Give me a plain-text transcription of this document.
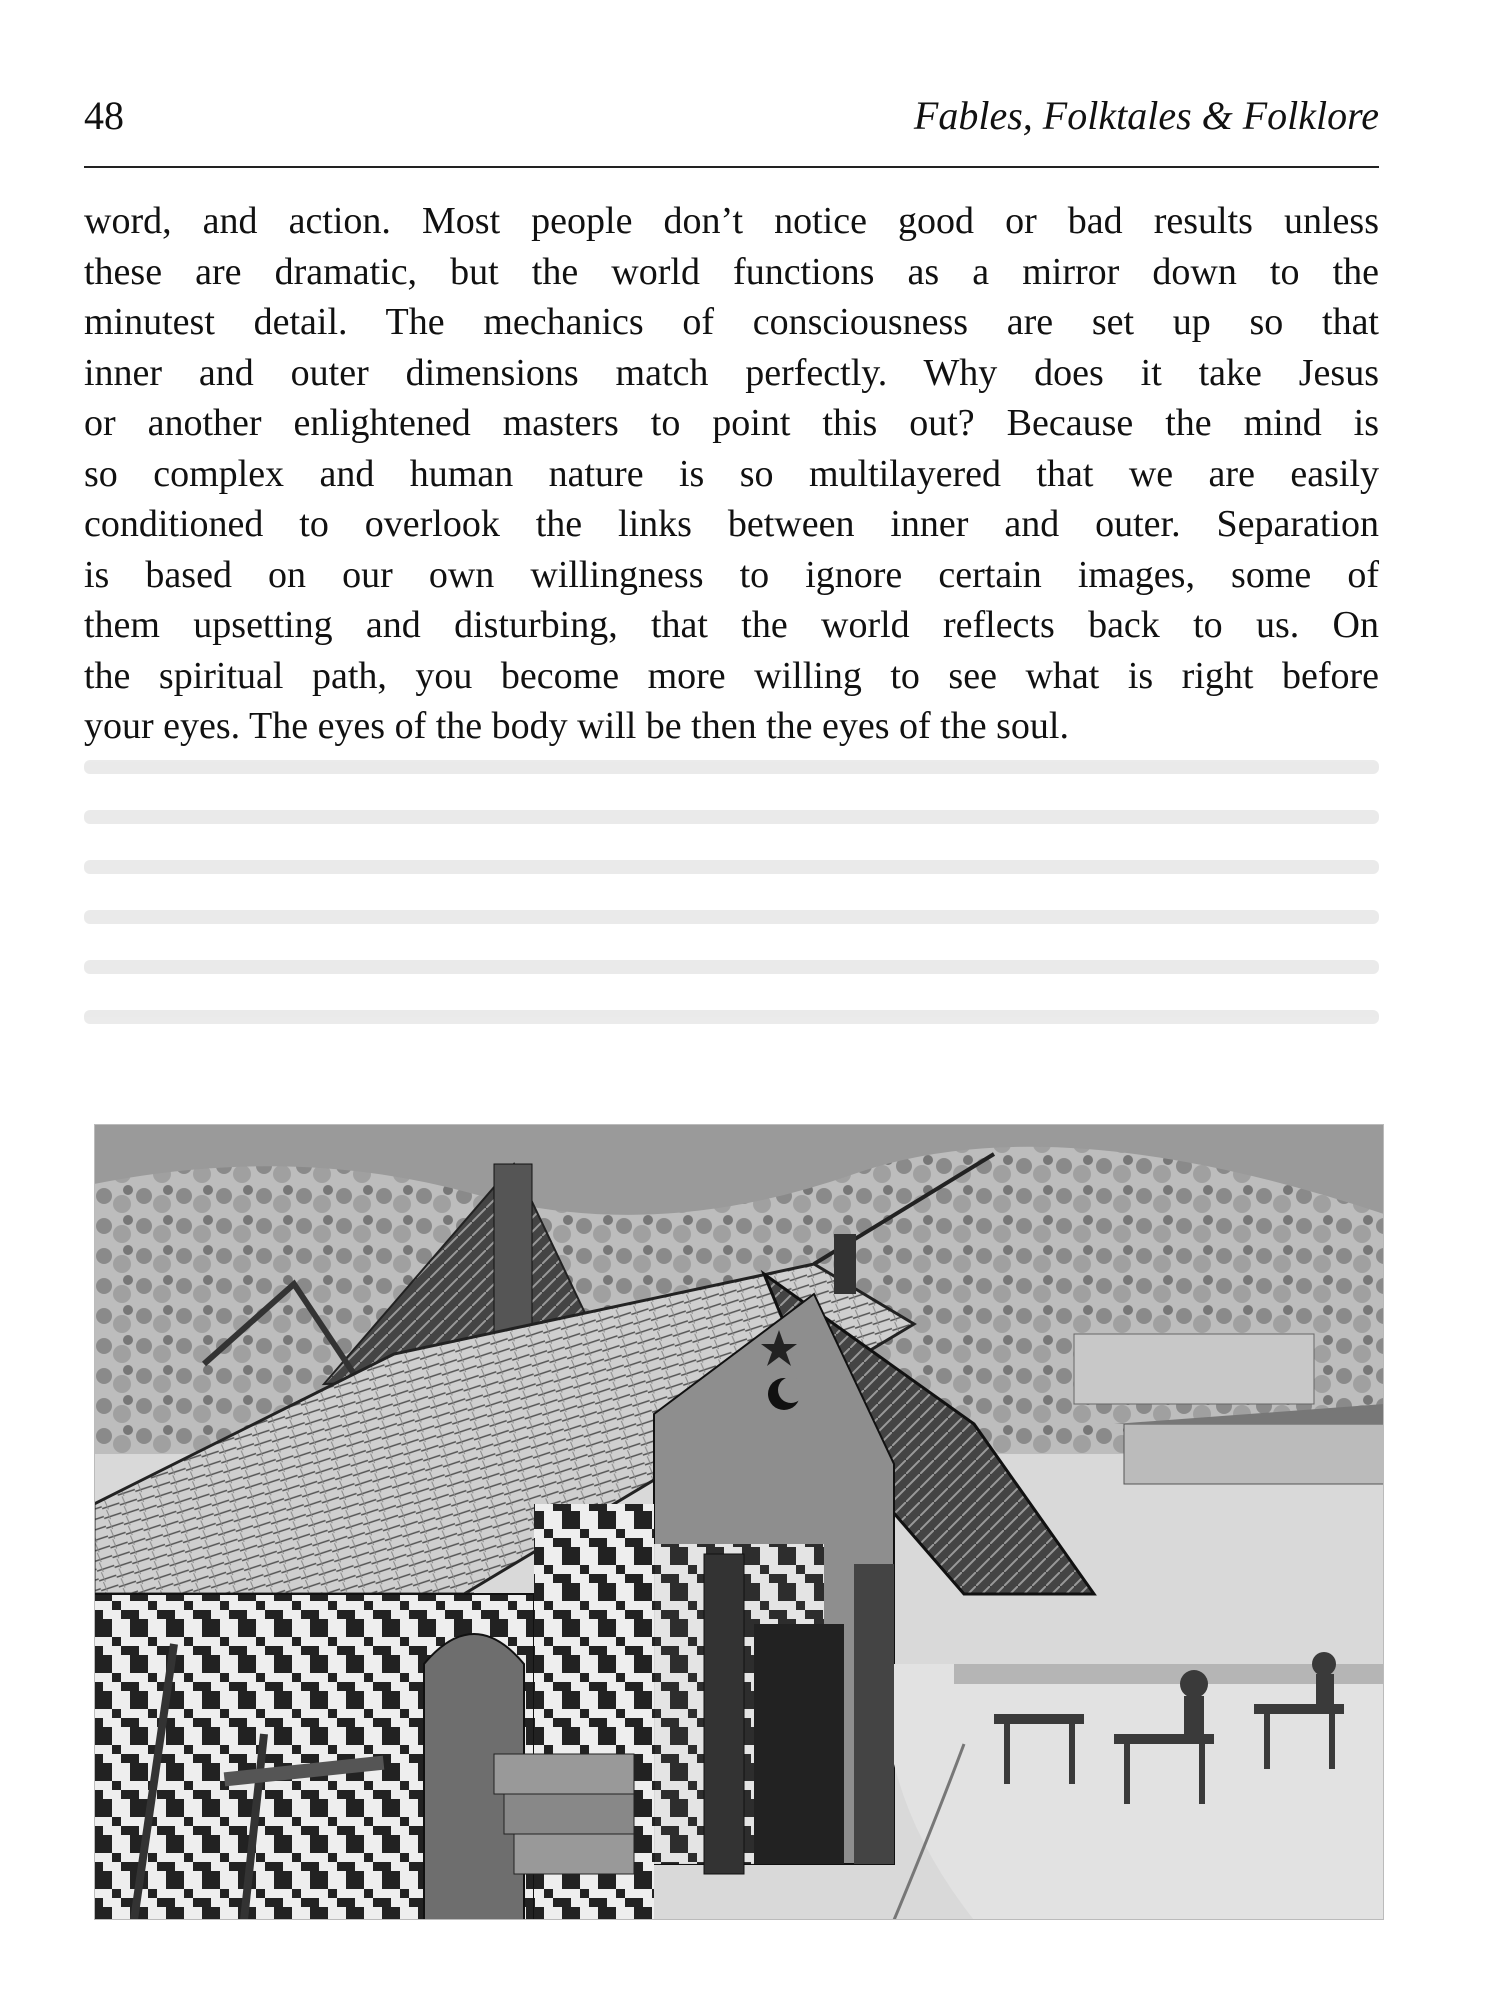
48	Fables, Folktales & Folklore
word, and action. Most people don’t notice good or bad results unless
these are dramatic, but the world functions as a mirror down to the
minutest detail. The mechanics of consciousness are set up so that
inner and outer dimensions match perfectly. Why does it take Jesus
or another enlightened masters to point this out? Because the mind is
so complex and human nature is so multilayered that we are easily
conditioned to overlook the links between inner and outer. Separation
is based on our own willingness to ignore certain images, some of
them upsetting and disturbing, that the world reflects back to us. On
the spiritual path, you become more willing to see what is right before
your eyes. The eyes of the body will be then the eyes of the soul.
